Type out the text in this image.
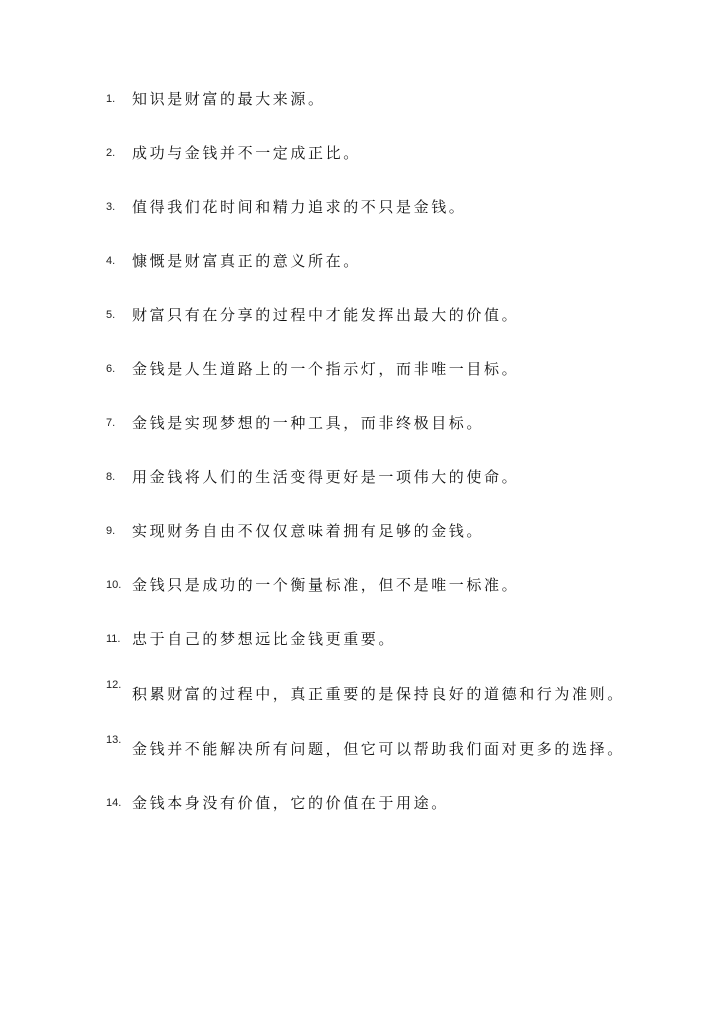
1. 知识是财富的最大来源。
2. 成功与金钱并不一定成正比。
3. 值得我们花时间和精力追求的不只是金钱。
4. 慷慨是财富真正的意义所在。
5. 财富只有在分享的过程中才能发挥出最大的价值。
6. 金钱是人生道路上的一个指示灯，而非唯一目标。
7. 金钱是实现梦想的一种工具，而非终极目标。
8. 用金钱将人们的生活变得更好是一项伟大的使命。
9. 实现财务自由不仅仅意味着拥有足够的金钱。
10. 金钱只是成功的一个衡量标准，但不是唯一标准。
11. 忠于自己的梦想远比金钱更重要。
12. 积累财富的过程中，真正重要的是保持良好的道德和行为准则。
13. 金钱并不能解决所有问题，但它可以帮助我们面对更多的选择。
14. 金钱本身没有价值，它的价值在于用途。
